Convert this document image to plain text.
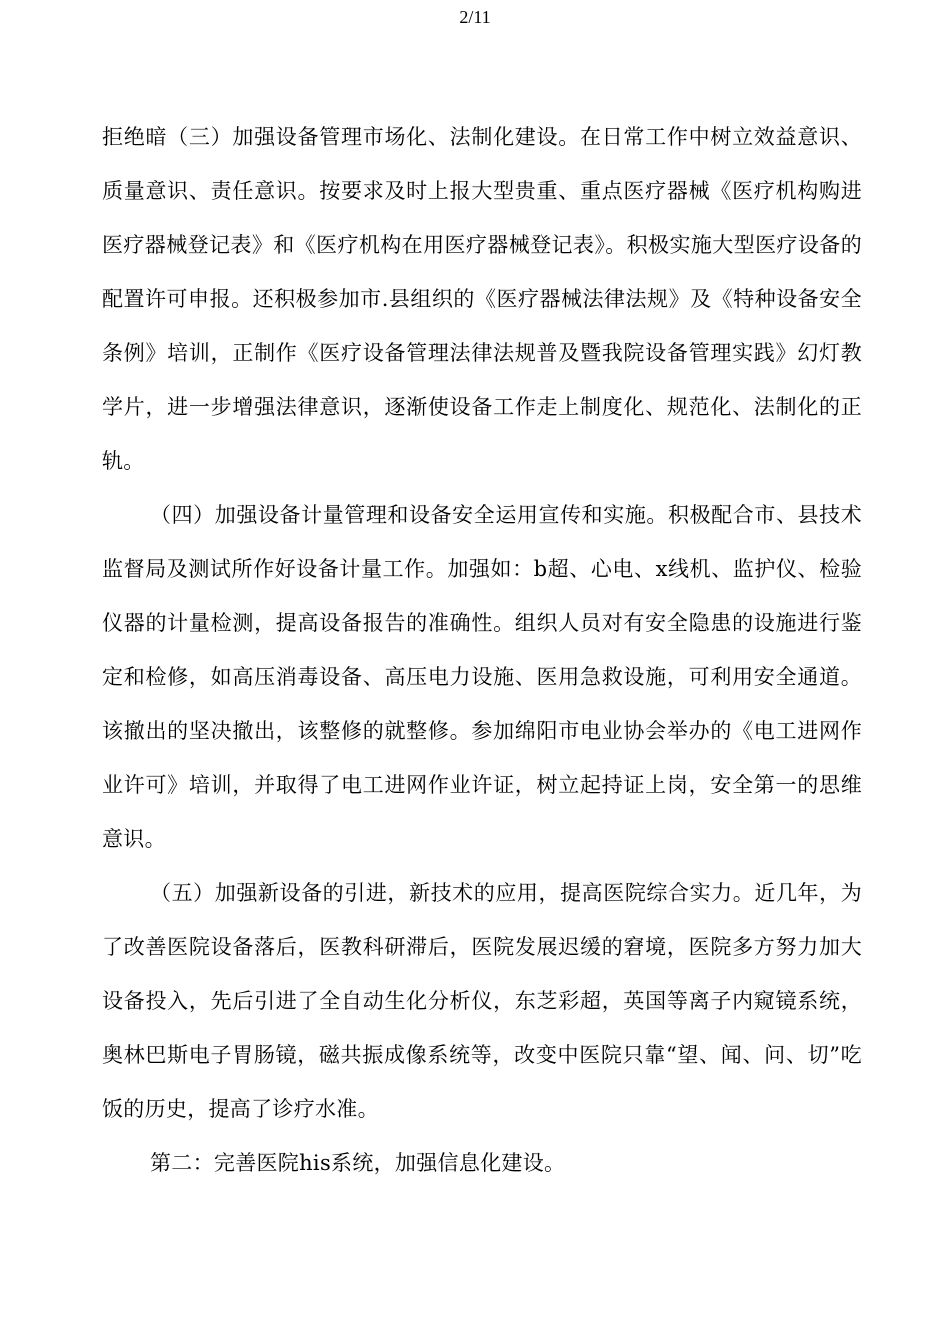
2/11

拒绝暗（三）加强设备管理市场化、法制化建设。在日常工作中树立效益意识、质量意识、责任意识。按要求及时上报大型贵重、重点医疗器械《医疗机构购进医疗器械登记表》和《医疗机构在用医疗器械登记表》。积极实施大型医疗设备的配置许可申报。还积极参加市.县组织的《医疗器械法律法规》及《特种设备安全条例》培训，正制作《医疗设备管理法律法规普及暨我院设备管理实践》幻灯教学片，进一步增强法律意识，逐渐使设备工作走上制度化、规范化、法制化的正轨。

（四）加强设备计量管理和设备安全运用宣传和实施。积极配合市、县技术监督局及测试所作好设备计量工作。加强如：b超、心电、x线机、监护仪、检验仪器的计量检测，提高设备报告的准确性。组织人员对有安全隐患的设施进行鉴定和检修，如高压消毒设备、高压电力设施、医用急救设施，可利用安全通道。该撤出的坚决撤出，该整修的就整修。参加绵阳市电业协会举办的《电工进网作业许可》培训，并取得了电工进网作业许证，树立起持证上岗，安全第一的思维意识。

（五）加强新设备的引进，新技术的应用，提高医院综合实力。近几年，为了改善医院设备落后，医教科研滞后，医院发展迟缓的窘境，医院多方努力加大设备投入，先后引进了全自动生化分析仪，东芝彩超，英国等离子内窥镜系统，奥林巴斯电子胃肠镜，磁共振成像系统等，改变中医院只靠“望、闻、问、切”吃饭的历史，提高了诊疗水准。

第二：完善医院his系统，加强信息化建设。
